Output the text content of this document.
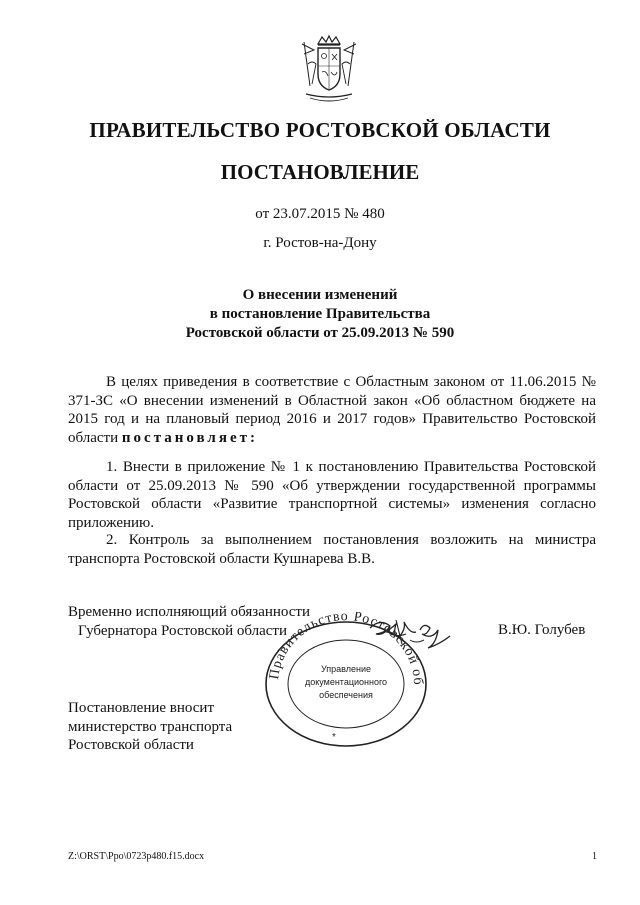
ПРАВИТЕЛЬСТВО РОСТОВСКОЙ ОБЛАСТИ
ПОСТАНОВЛЕНИЕ
от 23.07.2015 № 480
г. Ростов-на-Дону
О внесении изменений
в постановление Правительства
Ростовской области от 25.09.2013 № 590
В целях приведения в соответствие с Областным законом от 11.06.2015 № 371-ЗС «О внесении изменений в Областной закон «Об областном бюджете на 2015 год и на плановый период 2016 и 2017 годов» Правительство Ростовской области постановляет:
1. Внести в приложение № 1 к постановлению Правительства Ростовской области от 25.09.2013 № 590 «Об утверждении государственной программы Ростовской области «Развитие транспортной системы» изменения согласно приложению.
2. Контроль за выполнением постановления возложить на министра транспорта Ростовской области Кушнарева В.В.
Временно исполняющий обязанности
Губернатора Ростовской области
Правительство Ростовской об
Управление
документационного
обеспечения
*
В.Ю. Голубев
Постановление вносит
министерство транспорта
Ростовской области
Z:\ORST\Ppo\0723p480.f15.docx	1
